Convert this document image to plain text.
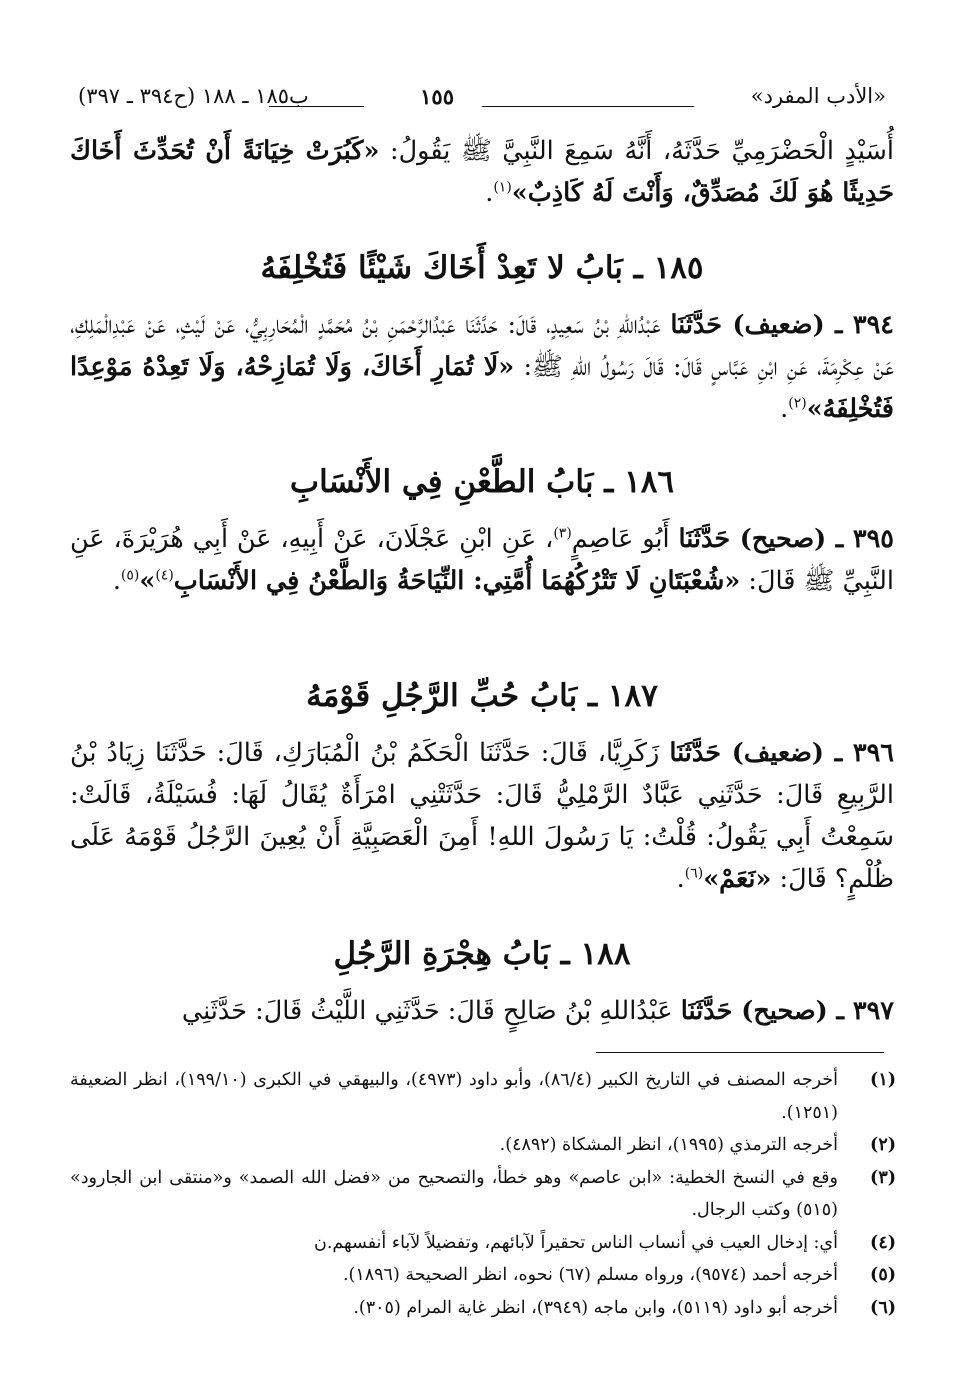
«الأدب المفرد»
١٥٥
ب١٨٥ ـ ١٨٨ (ح٣٩٤ ـ ٣٩٧)

أُسَيْدٍ الْحَضْرَمِيِّ حَدَّثَهُ، أَنَّهُ سَمِعَ النَّبِيَّ ﷺ يَقُولُ: «كَبُرَتْ خِيَانَةً أَنْ تُحَدِّثَ أَخَاكَ حَدِيثًا هُوَ لَكَ مُصَدِّقٌ، وَأَنْتَ لَهُ كَاذِبٌ»$^{(١)}$.

١٨٥ ـ بَابُ لا تَعِدْ أَخَاكَ شَيْئًا فَتُخْلِفَهُ

٣٩٤ ـ (ضعيف) حَدَّثَنَا عَبْدُاللهِ بْنُ سَعِيدٍ، قَالَ: حَدَّثَنَا عَبْدُالرَّحْمَنِ بْنُ مُحَمَّدٍ الْمُحَارِبِيُّ، عَنْ لَيْثٍ، عَنْ عَبْدِالْمَلِكِ، عَنْ عِكْرِمَةَ، عَنِ ابْنِ عَبَّاسٍ قَالَ: قَالَ رَسُولُ اللهِ ﷺ: «لَا تُمَارِ أَخَاكَ، وَلَا تُمَازِحْهُ، وَلَا تَعِدْهُ مَوْعِدًا فَتُخْلِفَهُ»$^{(٢)}$.

١٨٦ ـ بَابُ الطَّعْنِ فِي الأَنْسَابِ

٣٩٥ ـ (صحيح) حَدَّثَنَا أَبُو عَاصِمٍ$^{(٣)}$، عَنِ ابْنِ عَجْلَانَ، عَنْ أَبِيهِ، عَنْ أَبِي هُرَيْرَةَ، عَنِ النَّبِيِّ ﷺ قَالَ: «شُعْبَتَانِ لَا تَتْرُكُهُمَا أُمَّتِي: النِّيَاحَةُ وَالطَّعْنُ فِي الأَنْسَابِ$^{(٤)}$»$^{(٥)}$.

١٨٧ ـ بَابُ حُبِّ الرَّجُلِ قَوْمَهُ

٣٩٦ ـ (ضعيف) حَدَّثَنَا زَكَرِيَّا، قَالَ: حَدَّثَنَا الْحَكَمُ بْنُ الْمُبَارَكِ، قَالَ: حَدَّثَنَا زِيَادُ بْنُ الرَّبِيعِ قَالَ: حَدَّثَنِي عَبَّادٌ الرَّمْلِيُّ قَالَ: حَدَّثَتْنِي امْرَأَةٌ يُقَالُ لَهَا: فُسَيْلَةُ، قَالَتْ: سَمِعْتُ أَبِي يَقُولُ: قُلْتُ: يَا رَسُولَ اللهِ! أَمِنَ الْعَصَبِيَّةِ أَنْ يُعِينَ الرَّجُلُ قَوْمَهُ عَلَى ظُلْمٍ؟ قَالَ: «نَعَمْ»$^{(٦)}$.

١٨٨ ـ بَابُ هِجْرَةِ الرَّجُلِ

٣٩٧ ـ (صحيح) حَدَّثَنَا عَبْدُاللهِ بْنُ صَالِحٍ قَالَ: حَدَّثَنِي اللَّيْثُ قَالَ: حَدَّثَنِي

(١)
أخرجه المصنف في التاريخ الكبير (٨٦/٤)، وأبو داود (٤٩٧٣)، والبيهقي في الكبرى (١٩٩/١٠)، انظر الضعيفة (١٢٥١).
(٢)
أخرجه الترمذي (١٩٩٥)، انظر المشكاة (٤٨٩٢).
(٣)
وقع في النسخ الخطية: «ابن عاصم» وهو خطأ، والتصحيح من «فضل الله الصمد» و«منتقى ابن الجارود» (٥١٥) وكتب الرجال.
(٤)
أي: إدخال العيب في أنساب الناس تحقيراً لآبائهم، وتفضيلاً لآباء أنفسهم.ن
(٥)
أخرجه أحمد (٩٥٧٤)، ورواه مسلم (٦٧) نحوه، انظر الصحيحة (١٨٩٦).
(٦)
أخرجه أبو داود (٥١١٩)، وابن ماجه (٣٩٤٩)، انظر غاية المرام (٣٠٥).
